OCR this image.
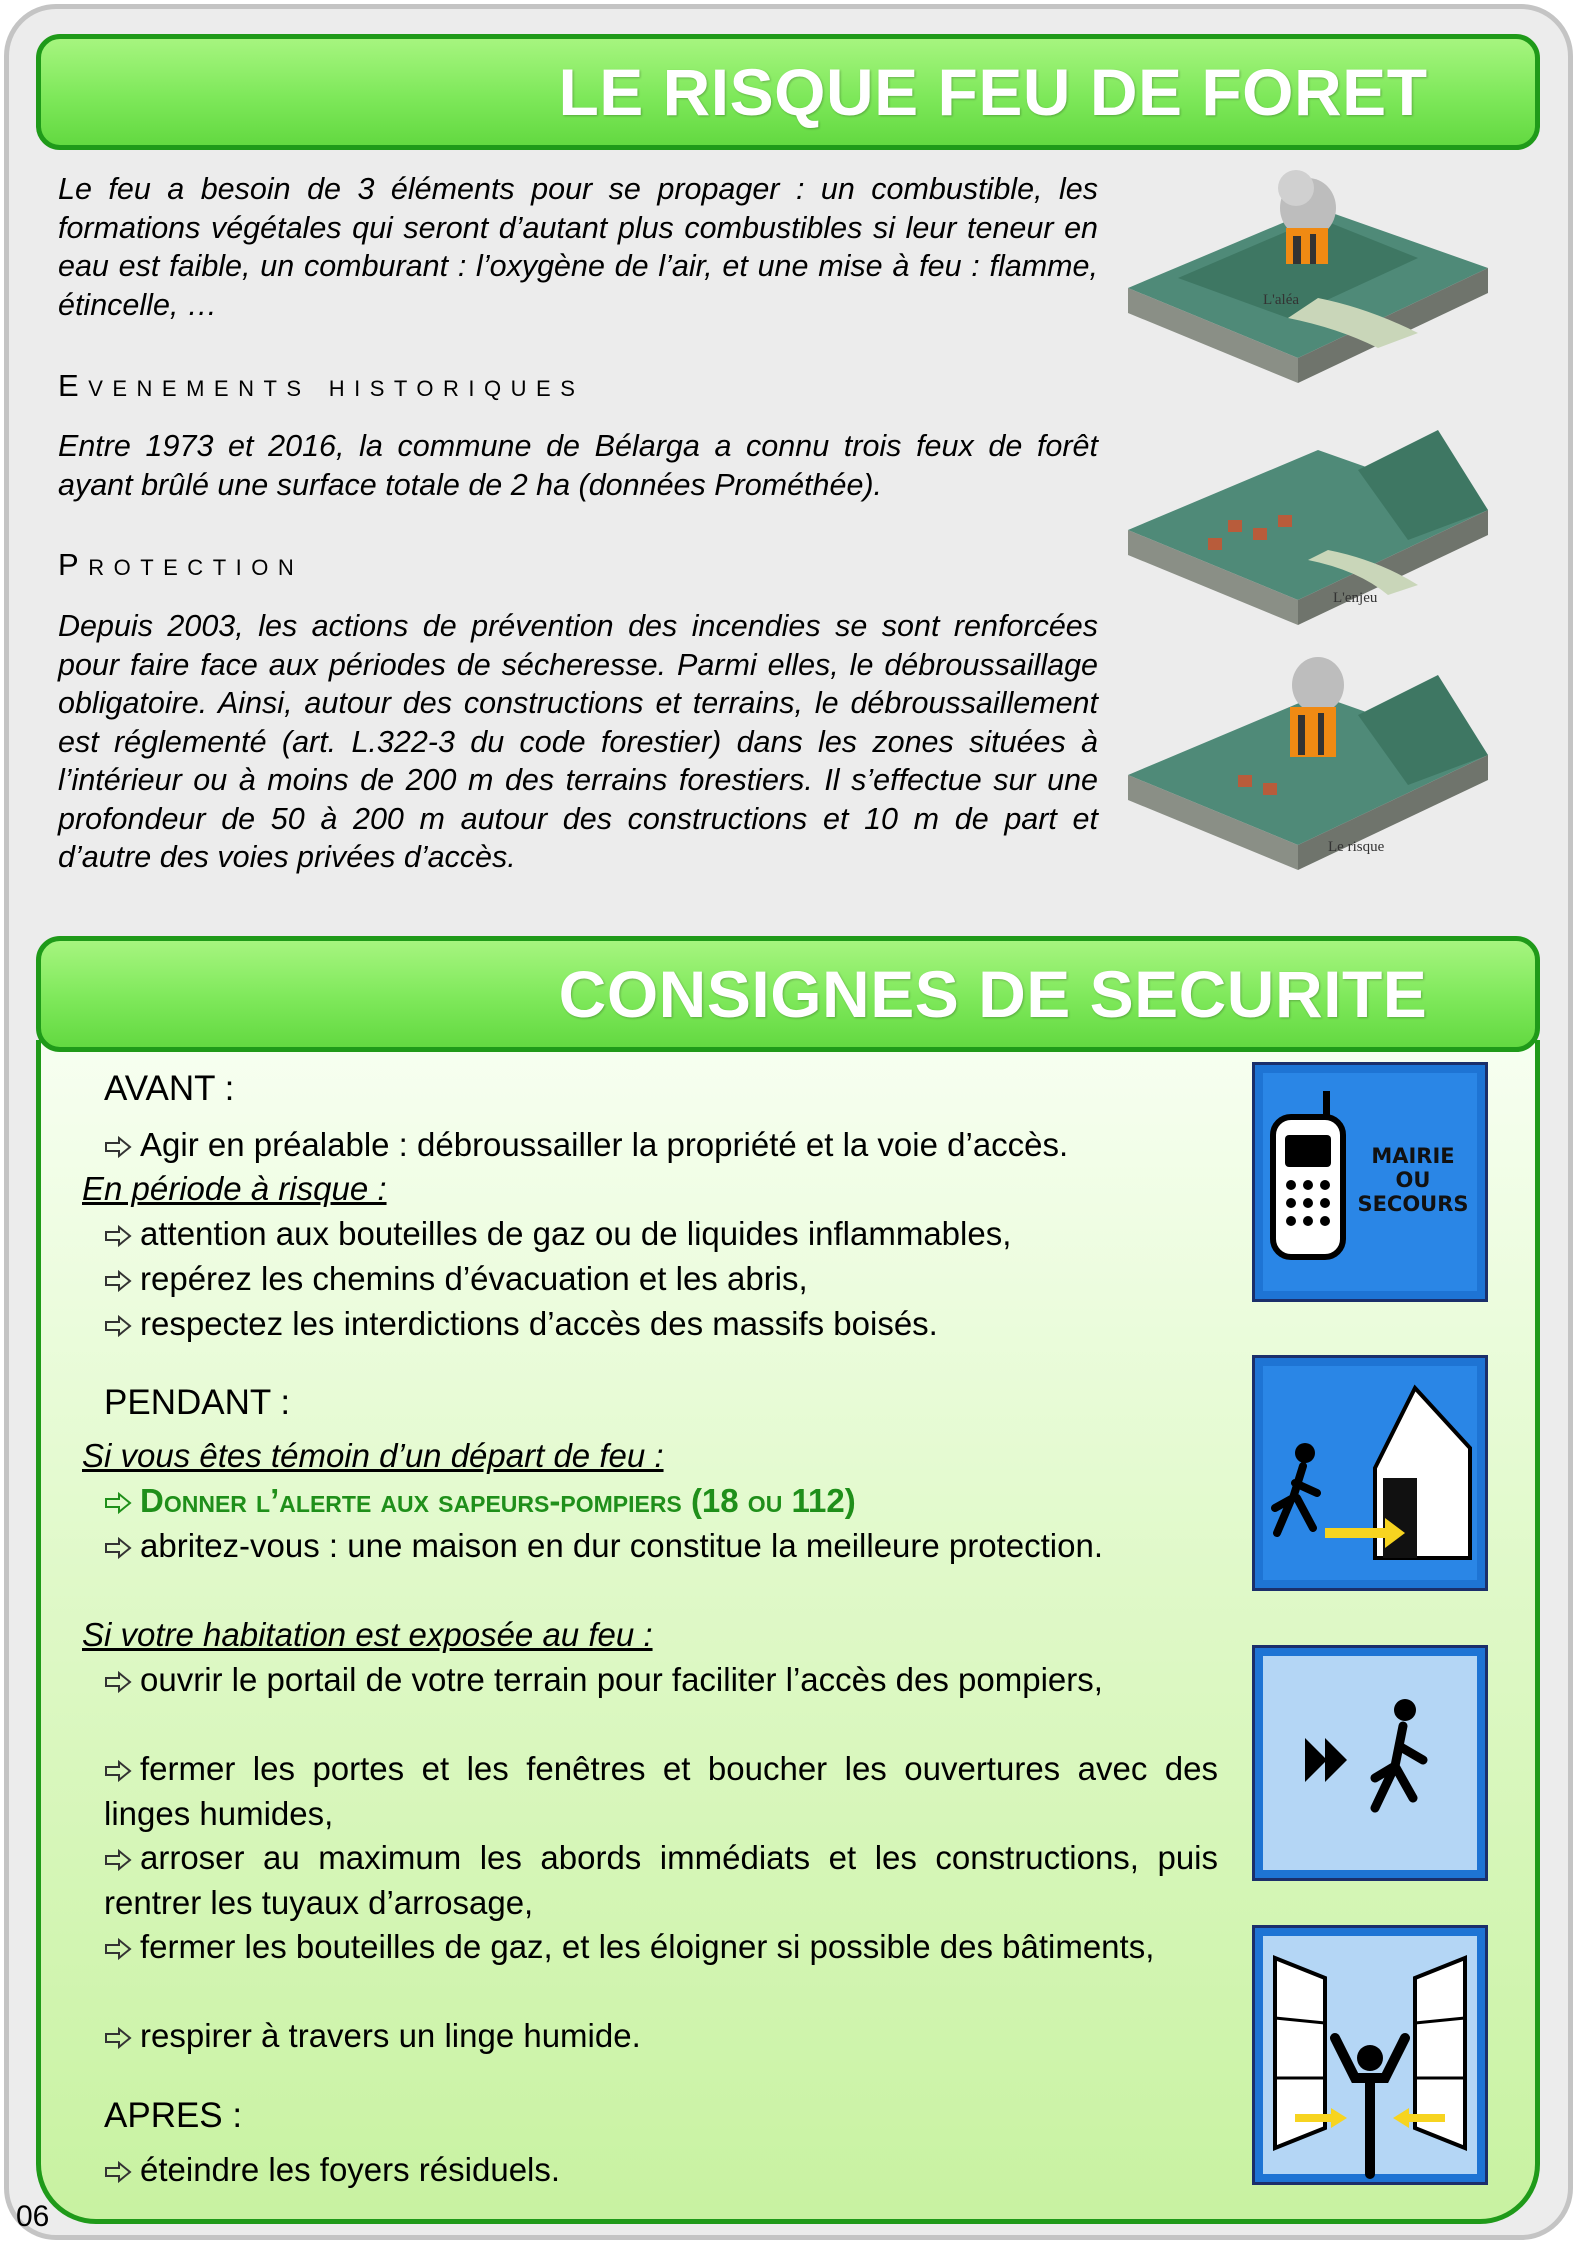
LE RISQUE FEU DE FORET
Le feu a besoin de 3 éléments pour se propager : un combustible, les formations végétales qui seront d’autant plus combustibles si leur teneur en eau est faible, un comburant : l’oxygène de l’air, et une mise à feu : flamme, étincelle, …
Evenements historiques
Entre 1973 et 2016, la commune de Bélarga a connu trois feux de forêt ayant brûlé une surface totale de 2 ha (données Prométhée).
Protection
Depuis 2003, les actions de prévention des incendies se sont renforcées pour faire face aux périodes de sécheresse. Parmi elles, le débroussaillage obligatoire. Ainsi, autour des constructions et terrains, le débroussaillement est réglementé (art. L.322-3 du code forestier) dans les zones situées à l’intérieur ou à moins de 200 m des terrains forestiers. Il s’effectue sur une profondeur de 50 à 200 m autour des constructions et 10 m de part et d’autre des voies privées d’accès.
L'aléa
L'enjeu
Le risque
CONSIGNES DE SECURITE
AVANT :
Agir en préalable : débroussailler la propriété et la voie d’accès.
En période à risque :
attention aux bouteilles de gaz ou de liquides inflammables,
repérez les chemins d’évacuation et les abris,
respectez les interdictions d’accès des massifs boisés.
PENDANT :
Si vous êtes témoin d’un départ de feu :
Donner l’alerte aux sapeurs-pompiers (18 ou 112)
abritez-vous : une maison en dur constitue la meilleure protection.
Si votre habitation est exposée au feu :
ouvrir le portail de votre terrain pour faciliter l’accès des pompiers,
fermer les portes et les fenêtres et boucher les ouvertures avec des linges humides,
arroser au maximum les abords immédiats et les constructions, puis rentrer les tuyaux d’arrosage,
fermer les bouteilles de gaz, et les éloigner si possible des bâtiments,
respirer à travers un linge humide.
APRES :
éteindre les foyers résiduels.
MAIRIE
OU
SECOURS
06
